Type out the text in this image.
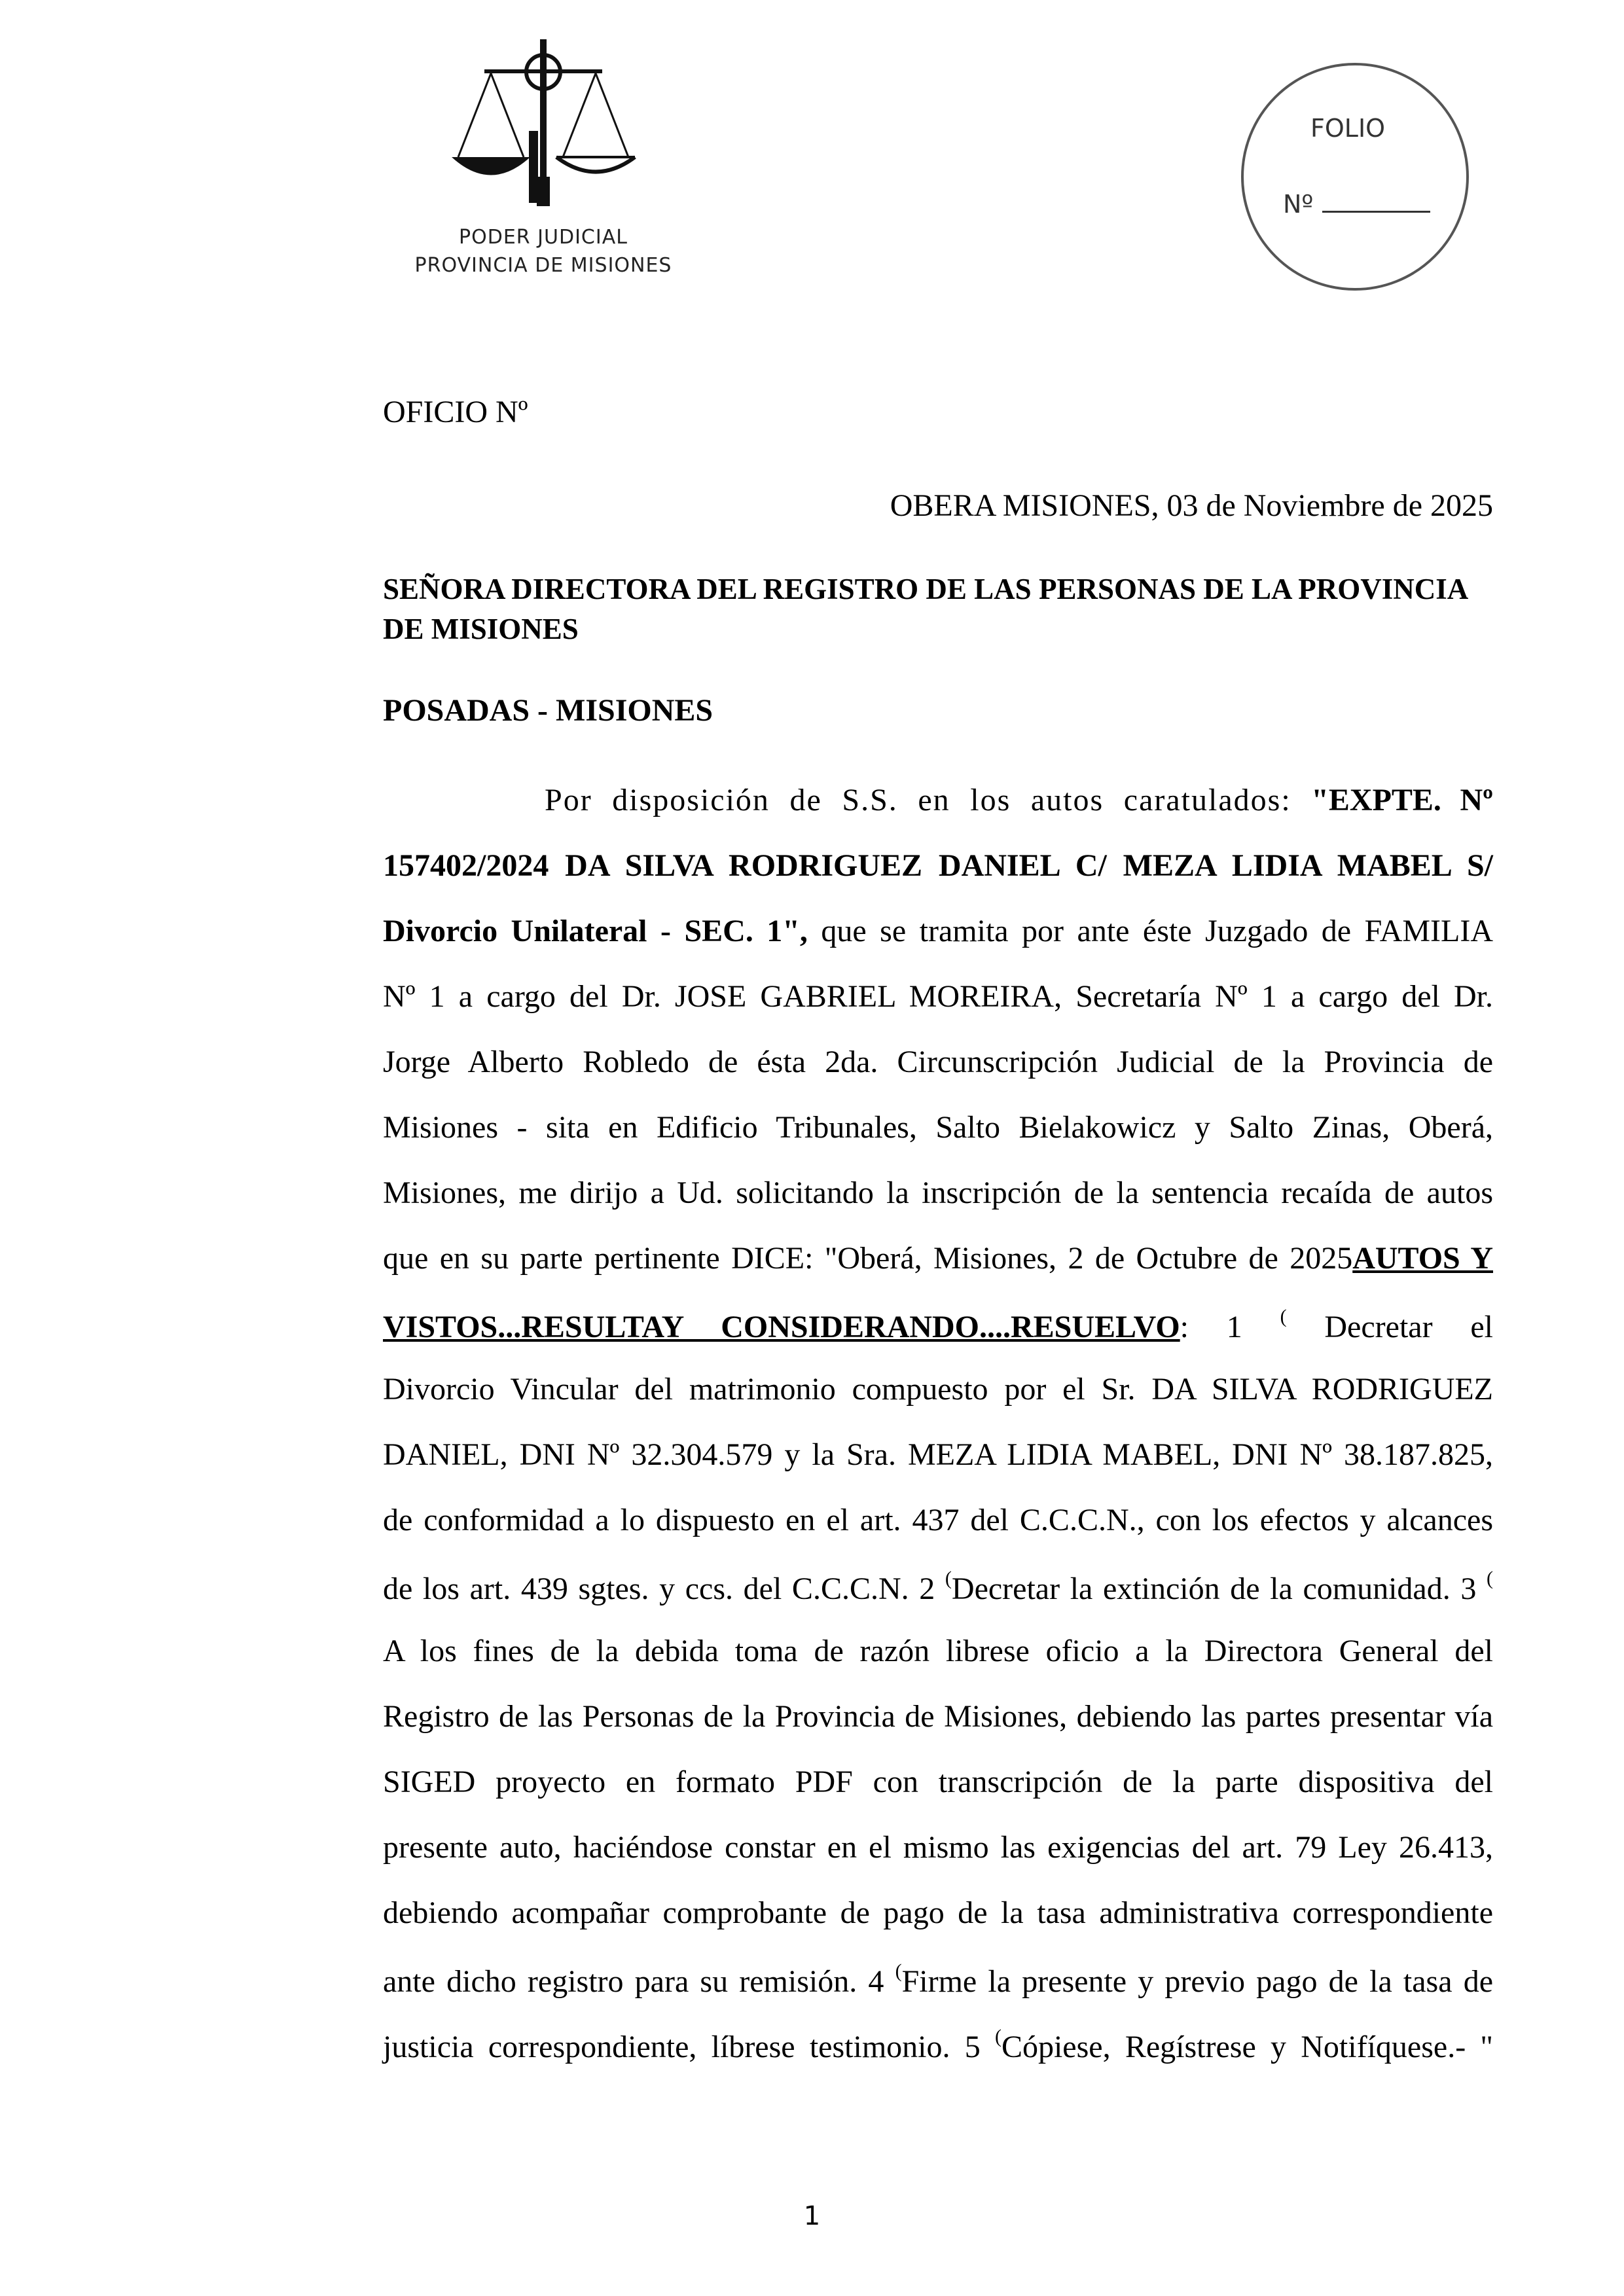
PODER JUDICIAL
PROVINCIA DE MISIONES
FOLIO
Nº
OFICIO Nº
OBERA MISIONES, 03 de Noviembre de 2025
SEÑORA DIRECTORA DEL REGISTRO DE LAS PERSONAS DE LA PROVINCIA
DE MISIONES
POSADAS - MISIONES
Por disposición de S.S. en los autos caratulados: "EXPTE. Nº
157402/2024 DA SILVA RODRIGUEZ DANIEL C/ MEZA LIDIA MABEL S/
Divorcio Unilateral - SEC. 1", que se tramita por ante éste Juzgado de FAMILIA
Nº 1 a cargo del Dr. JOSE GABRIEL MOREIRA, Secretaría Nº 1 a cargo del Dr.
Jorge Alberto Robledo de ésta 2da. Circunscripción Judicial de la Provincia de
Misiones - sita en Edificio Tribunales, Salto Bielakowicz y Salto Zinas, Oberá,
Misiones, me dirijo a Ud. solicitando la inscripción de la sentencia recaída de autos
que en su parte pertinente DICE: "Oberá, Misiones, 2 de Octubre de 2025AUTOS Y
VISTOS...RESULTAY CONSIDERANDO....RESUELVO: 1 ( Decretar el
Divorcio Vincular del matrimonio compuesto por el Sr. DA SILVA RODRIGUEZ
DANIEL, DNI Nº 32.304.579 y la Sra. MEZA LIDIA MABEL, DNI Nº 38.187.825,
de conformidad a lo dispuesto en el art. 437 del C.C.C.N., con los efectos y alcances
de los art. 439 sgtes. y ccs. del C.C.C.N. 2 (Decretar la extinción de la comunidad. 3 (
A los fines de la debida toma de razón librese oficio a la Directora General del
Registro de las Personas de la Provincia de Misiones, debiendo las partes presentar vía
SIGED proyecto en formato PDF con transcripción de la parte dispositiva del
presente auto, haciéndose constar en el mismo las exigencias del art. 79 Ley 26.413,
debiendo acompañar comprobante de pago de la tasa administrativa correspondiente
ante dicho registro para su remisión. 4 (Firme la presente y previo pago de la tasa de
justicia correspondiente, líbrese testimonio. 5 (Cópiese, Regístrese y Notifíquese.- "
1
